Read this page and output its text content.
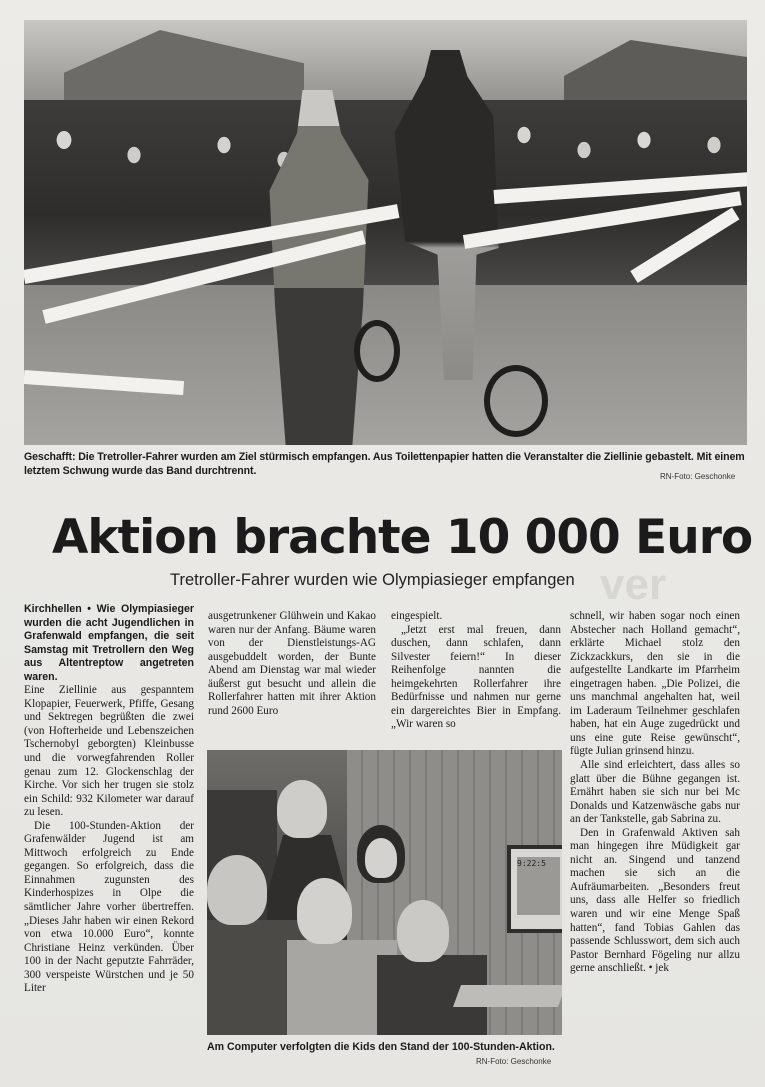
ver
Geschafft: Die Tretroller-Fahrer wurden am Ziel stürmisch empfangen. Aus Toilettenpapier hatten die Veranstalter die Ziellinie gebastelt. Mit einem letztem Schwung wurde das Band durchtrennt.	RN-Foto: Geschonke
Aktion brachte 10 000 Euro
Tretroller-Fahrer wurden wie Olympiasieger empfangen

Kirchhellen • Wie Olympiasieger wurden die acht Jugendlichen in Grafenwald empfangen, die seit Samstag mit Tretrollern den Weg aus Altentreptow angetreten waren.

Eine Ziellinie aus gespanntem Klopapier, Feuerwerk, Pfiffe, Gesang und Sektregen begrüßten die zwei (von Hofterheide und Lebenszeichen Tschernobyl geborgten) Kleinbusse und die vorwegfahrenden Roller genau zum 12. Glockenschlag der Kirche. Vor sich her trugen sie stolz ein Schild: 932 Kilometer war darauf zu lesen.

Die 100-Stunden-Aktion der Grafenwälder Jugend ist am Mittwoch erfolgreich zu Ende gegangen. So erfolgreich, dass die Einnahmen zugunsten des Kinderhospizes in Olpe die sämtlicher Jahre vorher übertreffen. „Dieses Jahr haben wir einen Rekord von etwa 10.000 Euro“, konnte Christiane Heinz verkünden. Über 100 in der Nacht geputzte Fahrräder, 300 verspeiste Würstchen und je 50 Liter

ausgetrunkener Glühwein und Kakao waren nur der Anfang. Bäume waren von der Dienstleistungs-AG ausgebuddelt worden, der Bunte Abend am Dienstag war mal wieder äußerst gut besucht und allein die Rollerfahrer hatten mit ihrer Aktion rund 2600 Euro

eingespielt.

„Jetzt erst mal freuen, dann duschen, dann schlafen, dann Silvester feiern!“ In dieser Reihenfolge nannten die heimgekehrten Rollerfahrer ihre Bedürfnisse und nahmen nur gerne ein dargereichtes Bier in Empfang. „Wir waren so

schnell, wir haben sogar noch einen Abstecher nach Holland gemacht“, erklärte Michael stolz den Zickzackkurs, den sie in die aufgestellte Landkarte im Pfarrheim eingetragen haben. „Die Polizei, die uns manchmal angehalten hat, weil im Laderaum Teilnehmer geschlafen haben, hat ein Auge zugedrückt und uns eine gute Reise gewünscht“, fügte Julian grinsend hinzu.

Alle sind erleichtert, dass alles so glatt über die Bühne gegangen ist. Ernährt haben sie sich nur bei Mc Donalds und Katzenwäsche gabs nur an der Tankstelle, gab Sabrina zu.

Den in Grafenwald Aktiven sah man hingegen ihre Müdigkeit gar nicht an. Singend und tanzend machen sie sich an die Aufräumarbeiten. „Besonders freut uns, dass alle Helfer so friedlich waren und wir eine Menge Spaß hatten“, fand Tobias Gahlen das passende Schlusswort, dem sich auch Pastor Bernhard Fögeling nur allzu gerne anschließt. • jek

9:22:5
Am Computer verfolgten die Kids den Stand der 100-Stunden-Aktion.
RN-Foto: Geschonke
